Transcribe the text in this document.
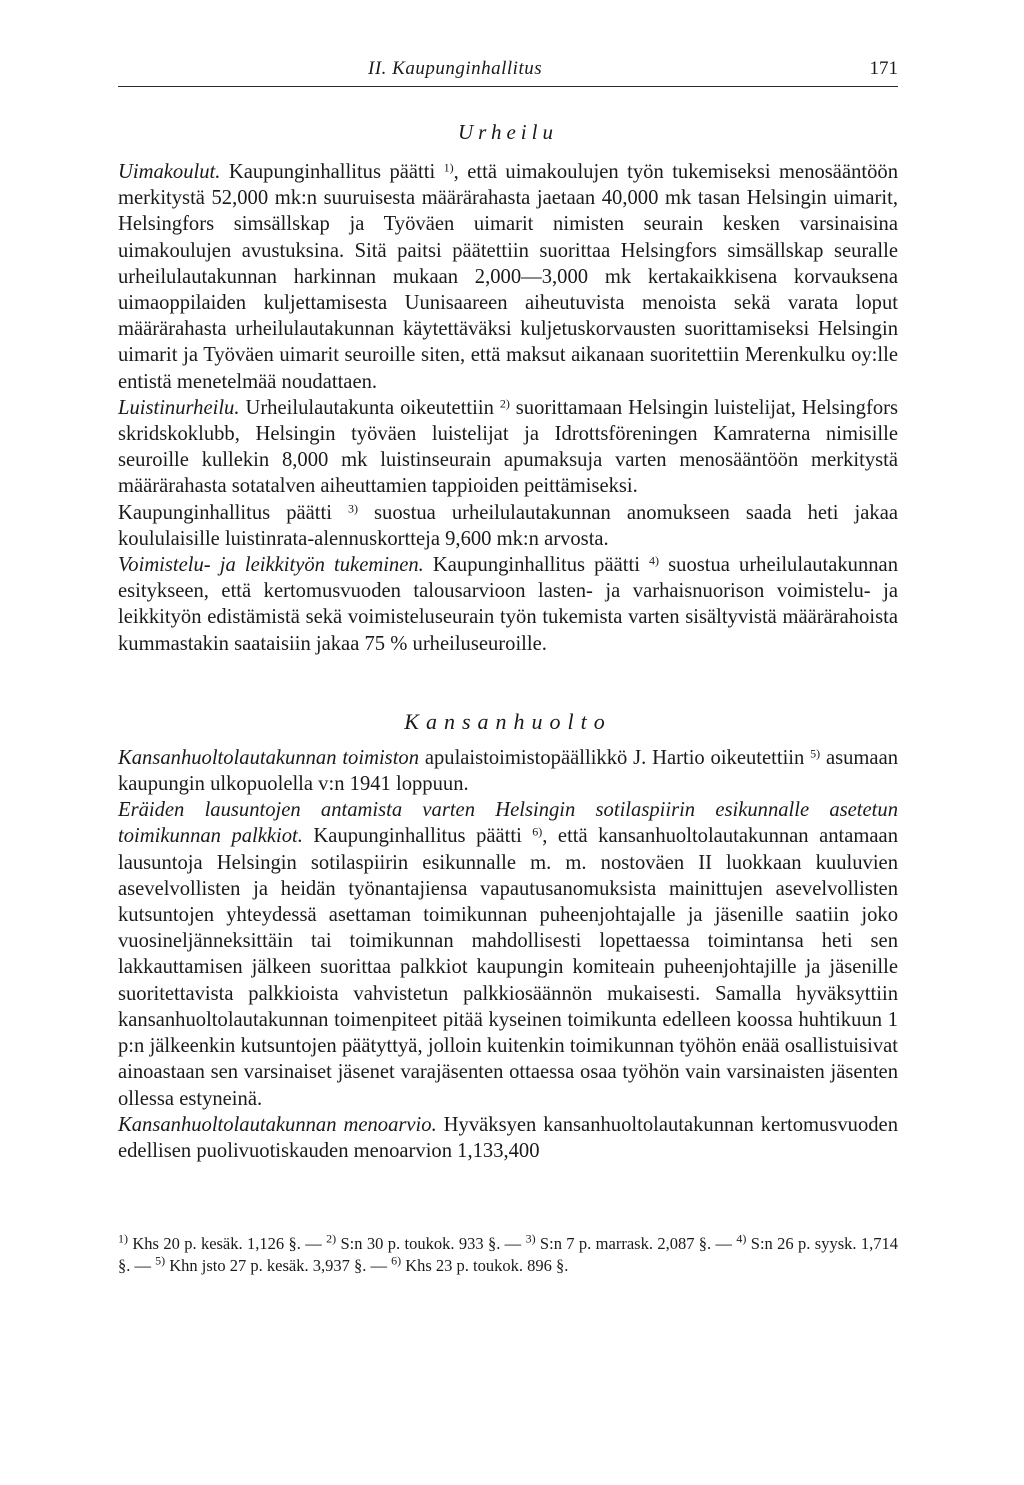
II. Kaupunginhallitus	171
Urheilu

Uimakoulut. Kaupunginhallitus päätti $^{1)}$, että uimakoulujen työn tukemiseksi menosääntöön merkitystä 52,000 mk:n suuruisesta määrärahasta jaetaan 40,000 mk tasan Helsingin uimarit, Helsingfors simsällskap ja Työväen uimarit nimisten seurain kesken varsinaisina uimakoulujen avustuksina. Sitä paitsi päätettiin suorittaa Helsingfors simsällskap seuralle urheilulautakunnan harkinnan mukaan 2,000—3,000 mk kertakaikkisena korvauksena uimaoppilaiden kuljettamisesta Uunisaareen aiheutuvista menoista sekä varata loput määrärahasta urheilulautakunnan käytettäväksi kuljetuskorvausten suorittamiseksi Helsingin uimarit ja Työväen uimarit seuroille siten, että maksut aikanaan suoritettiin Merenkulku oy:lle entistä menetelmää noudattaen.

Luistinurheilu. Urheilulautakunta oikeutettiin $^{2)}$ suorittamaan Helsingin luistelijat, Helsingfors skridskoklubb, Helsingin työväen luistelijat ja Idrottsföreningen Kamraterna nimisille seuroille kullekin 8,000 mk luistinseurain apumaksuja varten menosääntöön merkitystä määrärahasta sotatalven aiheuttamien tappioiden peittämiseksi.

Kaupunginhallitus päätti $^{3)}$ suostua urheilulautakunnan anomukseen saada heti jakaa koululaisille luistinrata-alennuskortteja 9,600 mk:n arvosta.

Voimistelu- ja leikkityön tukeminen. Kaupunginhallitus päätti $^{4)}$ suostua urheilulautakunnan esitykseen, että kertomusvuoden talousarvioon lasten- ja varhaisnuorison voimistelu- ja leikkityön edistämistä sekä voimisteluseurain työn tukemista varten sisältyvistä määrärahoista kummastakin saataisiin jakaa 75 % urheiluseuroille.

Kansanhuolto

Kansanhuoltolautakunnan toimiston apulaistoimistopäällikkö J. Hartio oikeutettiin $^{5)}$ asumaan kaupungin ulkopuolella v:n 1941 loppuun.

Eräiden lausuntojen antamista varten Helsingin sotilaspiirin esikunnalle asetetun toimikunnan palkkiot. Kaupunginhallitus päätti $^{6)}$, että kansanhuoltolautakunnan antamaan lausuntoja Helsingin sotilaspiirin esikunnalle m. m. nostoväen II luokkaan kuuluvien asevelvollisten ja heidän työnantajiensa vapautusanomuksista mainittujen asevelvollisten kutsuntojen yhteydessä asettaman toimikunnan puheenjohtajalle ja jäsenille saatiin joko vuosineljänneksittäin tai toimikunnan mahdollisesti lopettaessa toimintansa heti sen lakkauttamisen jälkeen suorittaa palkkiot kaupungin komiteain puheenjohtajille ja jäsenille suoritettavista palkkioista vahvistetun palkkiosäännön mukaisesti. Samalla hyväksyttiin kansanhuoltolautakunnan toimenpiteet pitää kyseinen toimikunta edelleen koossa huhtikuun 1 p:n jälkeenkin kutsuntojen päätyttyä, jolloin kuitenkin toimikunnan työhön enää osallistuisivat ainoastaan sen varsinaiset jäsenet varajäsenten ottaessa osaa työhön vain varsinaisten jäsenten ollessa estyneinä.

Kansanhuoltolautakunnan menoarvio. Hyväksyen kansanhuoltolautakunnan kertomusvuoden edellisen puolivuotiskauden menoarvion 1,133,400

$^{1)}$ Khs 20 p. kesäk. 1,126 §. — $^{2)}$ S:n 30 p. toukok. 933 §. — $^{3)}$ S:n 7 p. marrask. 2,087 §. — $^{4)}$ S:n 26 p. syysk. 1,714 §. — $^{5)}$ Khn jsto 27 p. kesäk. 3,937 §. — $^{6)}$ Khs 23 p. toukok. 896 §.
